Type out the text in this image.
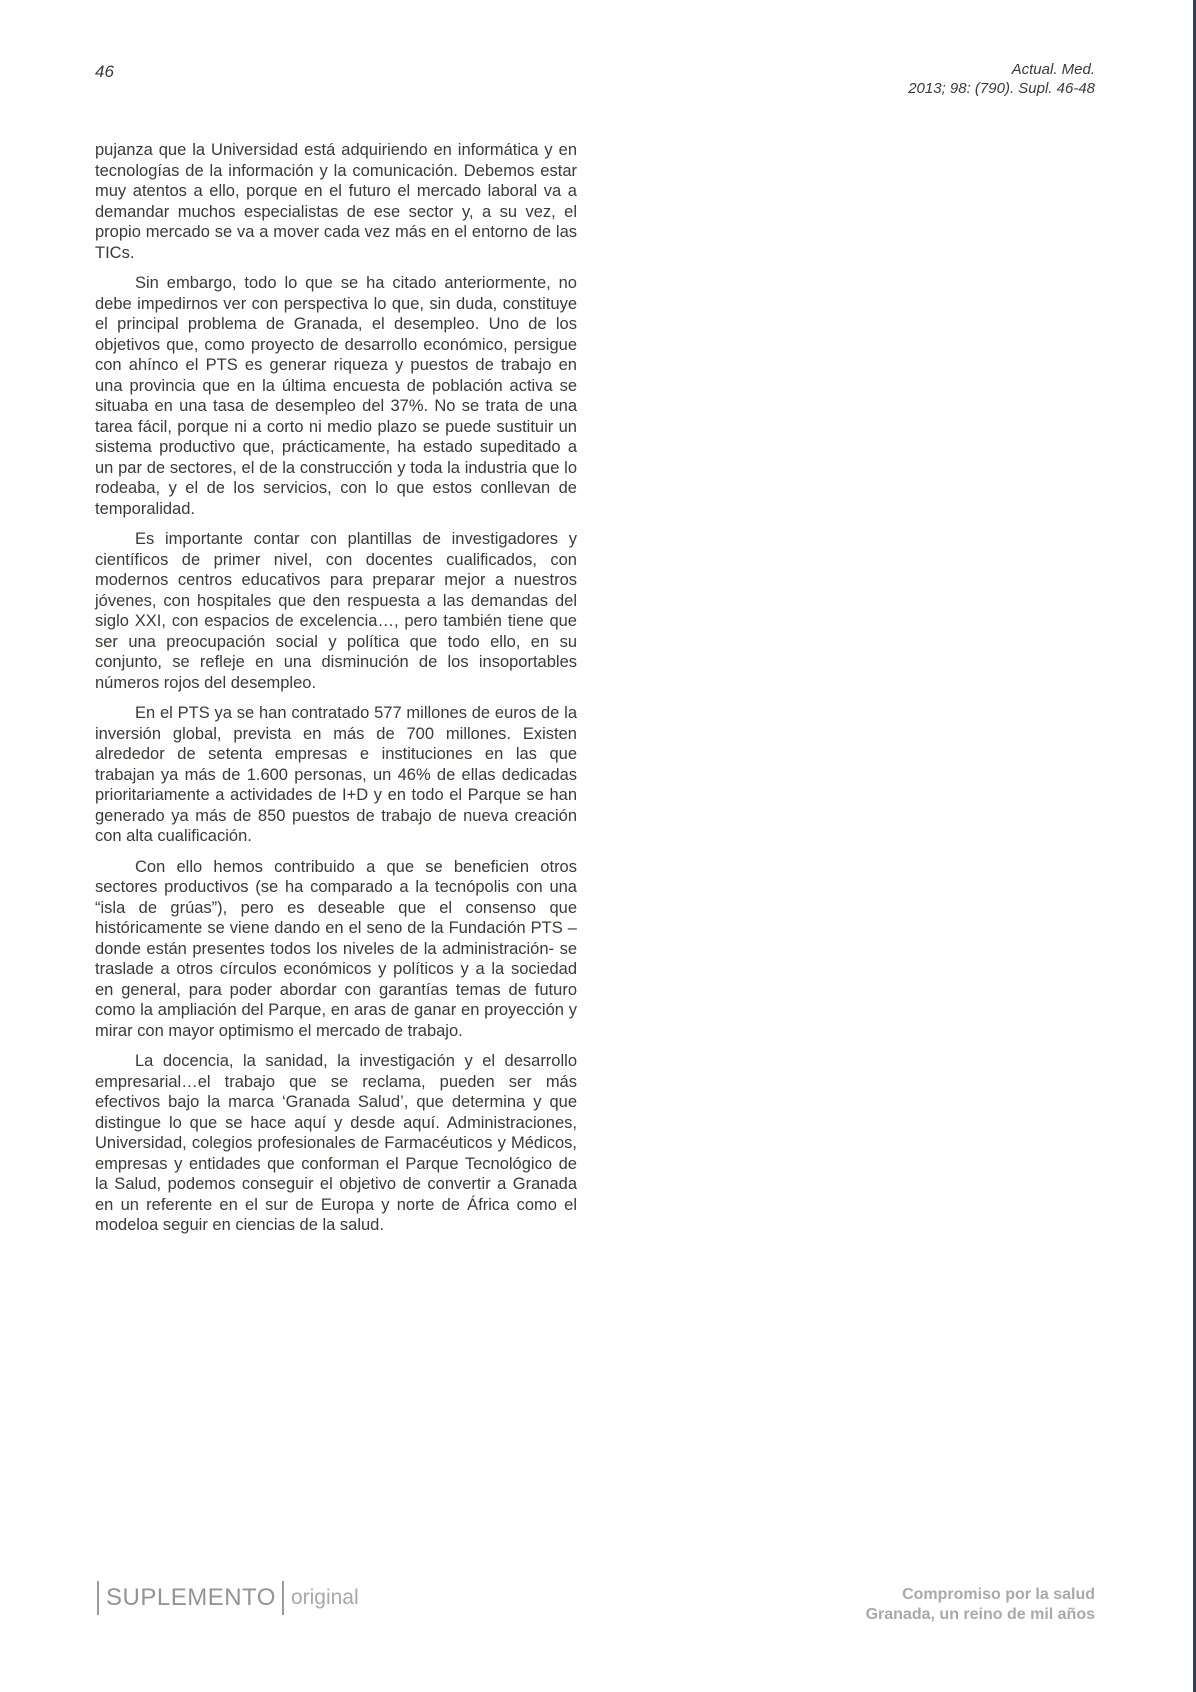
46	Actual. Med.
2013; 98: (790). Supl. 46-48

pujanza que la Universidad está adquiriendo en informática y en tecnologías de la información y la comunicación. Debemos estar muy atentos a ello, porque en el futuro el mercado laboral va a demandar muchos especialistas de ese sector y, a su vez, el propio mercado se va a mover cada vez más en el entorno de las TICs.

Sin embargo, todo lo que se ha citado anteriormente, no debe impedirnos ver con perspectiva lo que, sin duda, constituye el principal problema de Granada, el desempleo. Uno de los objetivos que, como proyecto de desarrollo económico, persigue con ahínco el PTS es generar riqueza y puestos de trabajo en una provincia que en la última encuesta de población activa se situaba en una tasa de desempleo del 37%. No se trata de una tarea fácil, porque ni a corto ni medio plazo se puede sustituir un sistema productivo que, prácticamente, ha estado supeditado a un par de sectores, el de la construcción y toda la industria que lo rodeaba, y el de los servicios, con lo que estos conllevan de temporalidad.

Es importante contar con plantillas de investigadores y científicos de primer nivel, con docentes cualificados, con modernos centros educativos para preparar mejor a nuestros jóvenes, con hospitales que den respuesta a las demandas del siglo XXI, con espacios de excelencia…, pero también tiene que ser una preocupación social y política que todo ello, en su conjunto, se refleje en una disminución de los insoportables números rojos del desempleo.

En el PTS ya se han contratado 577 millones de euros de la inversión global, prevista en más de 700 millones. Existen alrededor de setenta empresas e instituciones en las que trabajan ya más de 1.600 personas, un 46% de ellas dedicadas prioritariamente a actividades de I+D y en todo el Parque se han generado ya más de 850 puestos de trabajo de nueva creación con alta cualificación.

Con ello hemos contribuido a que se beneficien otros sectores productivos (se ha comparado a la tecnópolis con una “isla de grúas”), pero es deseable que el consenso que históricamente se viene dando en el seno de la Fundación PTS –donde están presentes todos los niveles de la administración- se traslade a otros círculos económicos y políticos y a la sociedad en general, para poder abordar con garantías temas de futuro como la ampliación del Parque, en aras de ganar en proyección y mirar con mayor optimismo el mercado de trabajo.

La docencia, la sanidad, la investigación y el desarrollo empresarial…el trabajo que se reclama, pueden ser más efectivos bajo la marca ‘Granada Salud’, que determina y que distingue lo que se hace aquí y desde aquí. Administraciones, Universidad, colegios profesionales de Farmacéuticos y Médicos, empresas y entidades que conforman el Parque Tecnológico de la Salud, podemos conseguir el objetivo de convertir a Granada en un referente en el sur de Europa y norte de África como el modeloa seguir en ciencias de la salud.

SUPLEMENTO original	Compromiso por la salud
Granada, un reino de mil años
